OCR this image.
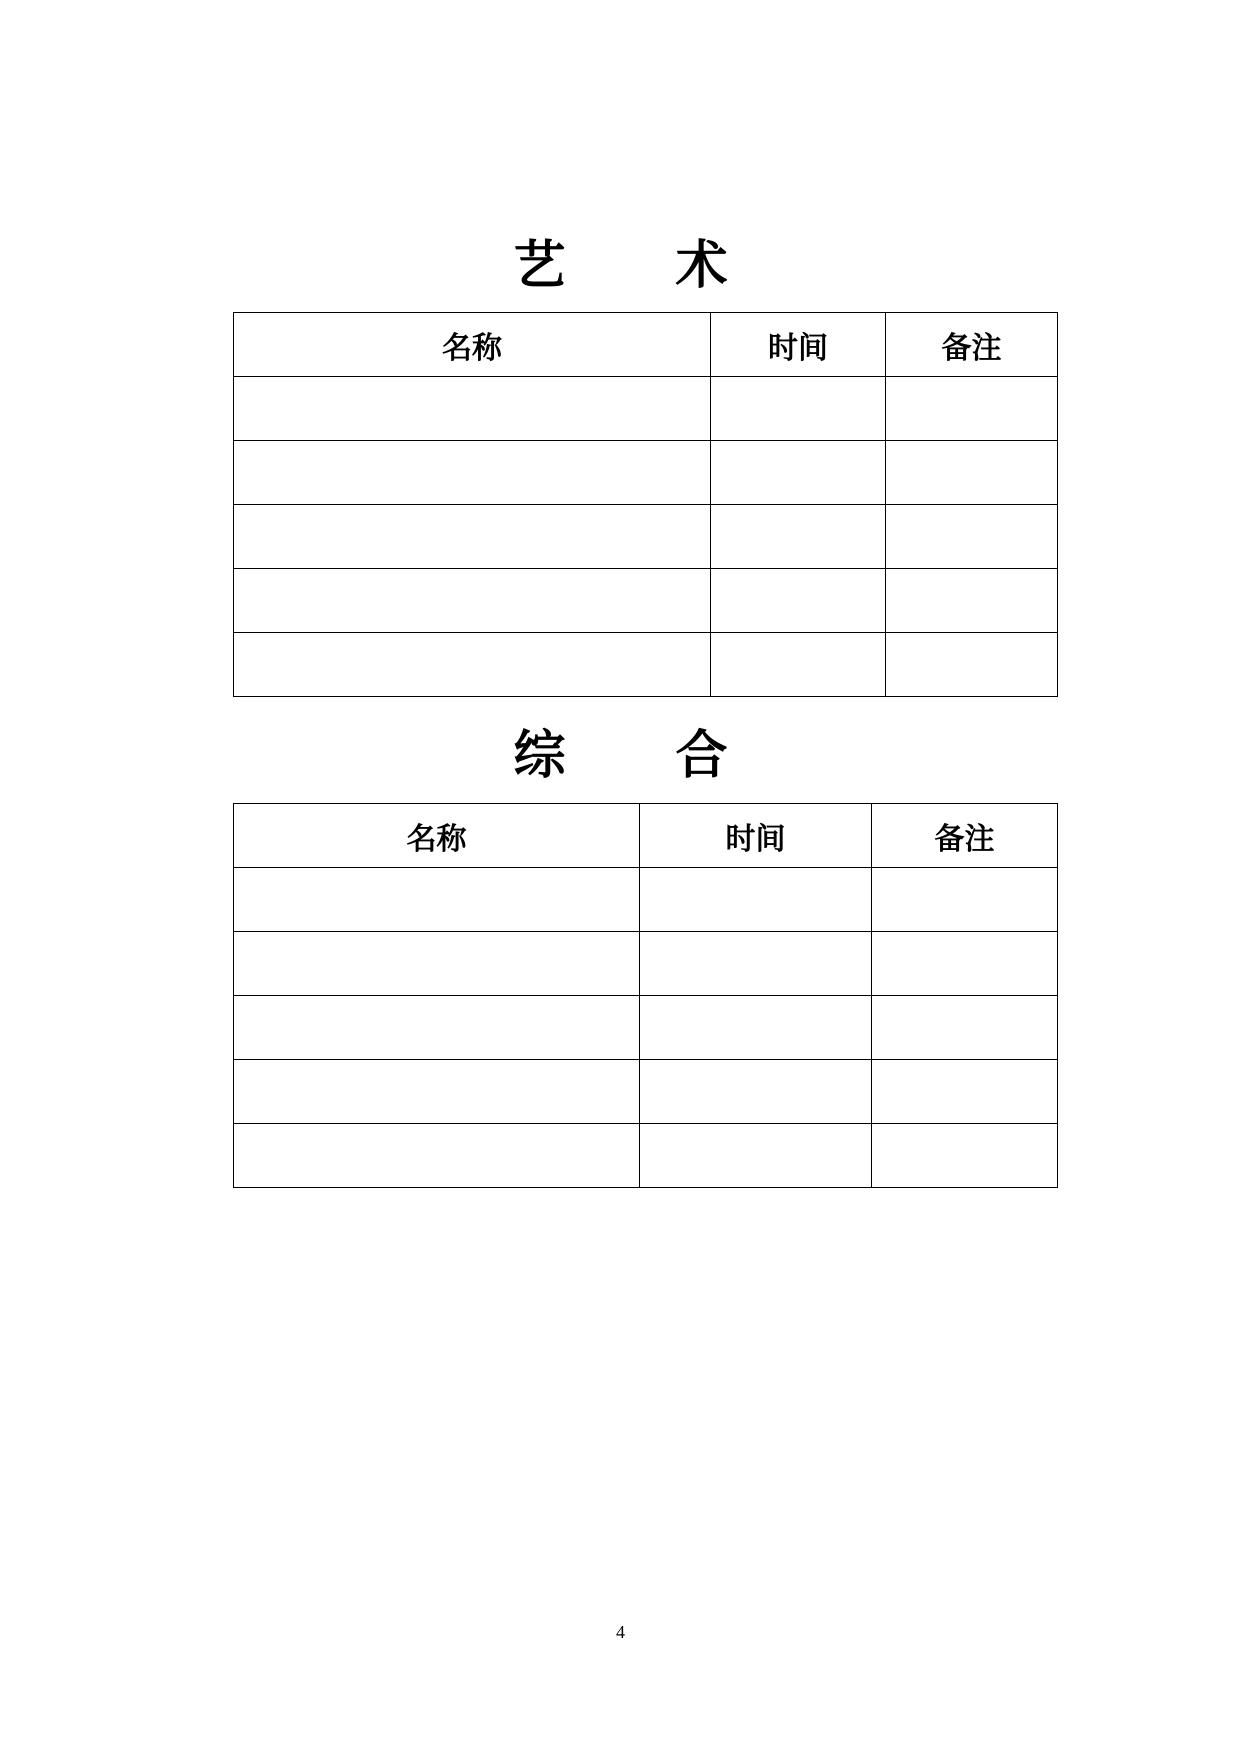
艺 术
名称	时间	备注

综 合
名称	时间	备注

4
